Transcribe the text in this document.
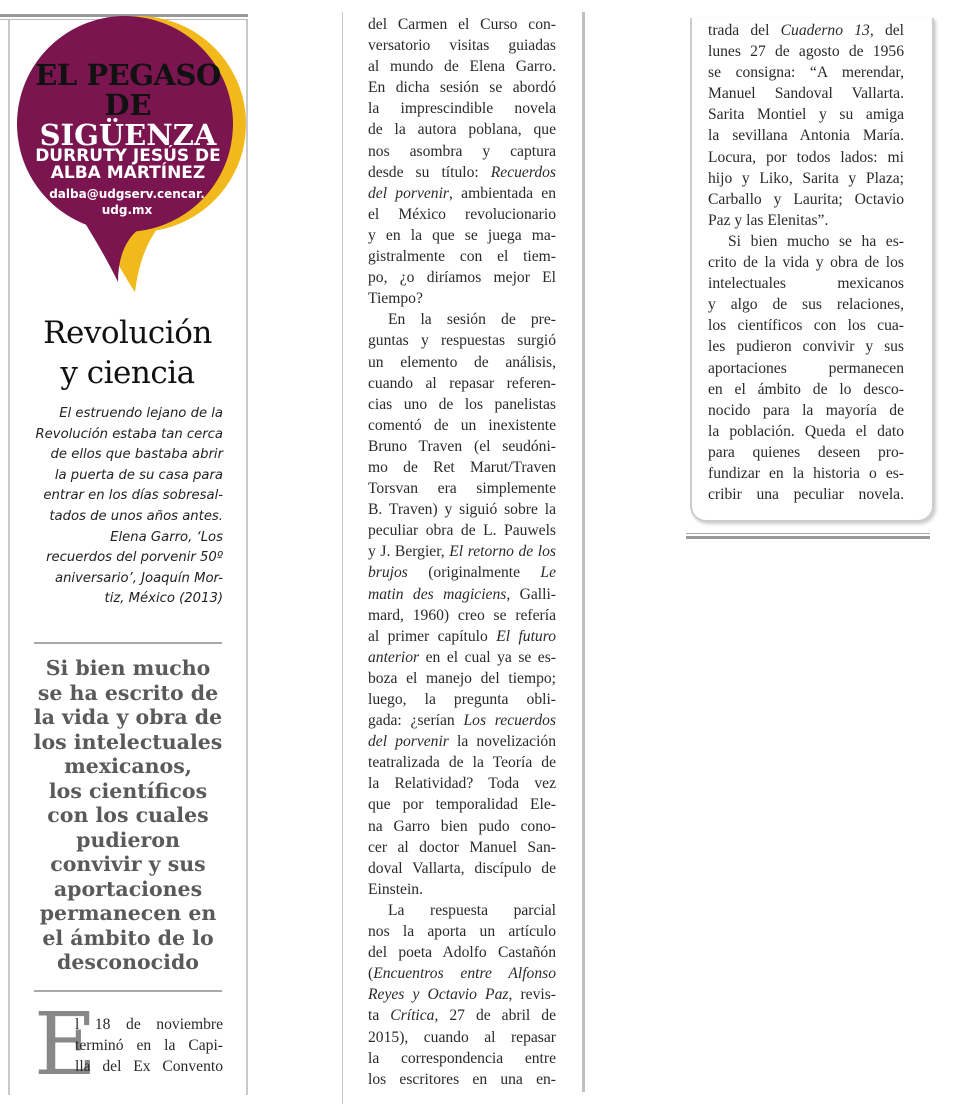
EL PEGASO
DE
SIGÜENZA
DURRUTY JESÚS DE
ALBA MARTÍNEZ
dalba@udgserv.cencar.
udg.mx
Revolución
y ciencia
El estruendo lejano de la
Revolución estaba tan cerca
de ellos que bastaba abrir
la puerta de su casa para
entrar en los días sobresal-
tados de unos años antes.
Elena Garro, ‘Los
recuerdos del porvenir 50º
aniversario’, Joaquín Mor-
tiz, México (2013)
Si bien mucho
se ha escrito de
la vida y obra de
los intelectuales
mexicanos,
los científicos
con los cuales
pudieron
convivir y sus
aportaciones
permanecen en
el ámbito de lo
desconocido
E
l 18 de noviembre
terminó en la Capi-
lla del Ex Convento
del Carmen el Curso con-
versatorio visitas guiadas
al mundo de Elena Garro.
En dicha sesión se abordó
la imprescindible novela
de la autora poblana, que
nos asombra y captura
desde su título: Recuerdos
del porvenir, ambientada en
el México revolucionario
y en la que se juega ma-
gistralmente con el tiem-
po, ¿o diríamos mejor El
Tiempo?
En la sesión de pre-
guntas y respuestas surgió
un elemento de análisis,
cuando al repasar referen-
cias uno de los panelistas
comentó de un inexistente
Bruno Traven (el seudóni-
mo de Ret Marut/Traven
Torsvan era simplemente
B. Traven) y siguió sobre la
peculiar obra de L. Pauwels
y J. Bergier, El retorno de los
brujos (originalmente Le
matin des magiciens, Galli-
mard, 1960) creo se refería
al primer capítulo El futuro
anterior en el cual ya se es-
boza el manejo del tiempo;
luego, la pregunta obli-
gada: ¿serían Los recuerdos
del porvenir la novelización
teatralizada de la Teoría de
la Relatividad? Toda vez
que por temporalidad Ele-
na Garro bien pudo cono-
cer al doctor Manuel San-
doval Vallarta, discípulo de
Einstein.
La respuesta parcial
nos la aporta un artículo
del poeta Adolfo Castañón
(Encuentros entre Alfonso
Reyes y Octavio Paz, revis-
ta Crítica, 27 de abril de
2015), cuando al repasar
la correspondencia entre
los escritores en una en-
trada del Cuaderno 13, del
lunes 27 de agosto de 1956
se consigna: “A merendar,
Manuel Sandoval Vallarta.
Sarita Montiel y su amiga
la sevillana Antonia María.
Locura, por todos lados: mi
hijo y Liko, Sarita y Plaza;
Carballo y Laurita; Octavio
Paz y las Elenitas”.
Si bien mucho se ha es-
crito de la vida y obra de los
intelectuales mexicanos
y algo de sus relaciones,
los científicos con los cua-
les pudieron convivir y sus
aportaciones permanecen
en el ámbito de lo desco-
nocido para la mayoría de
la población. Queda el dato
para quienes deseen pro-
fundizar en la historia o es-
cribir una peculiar novela.
